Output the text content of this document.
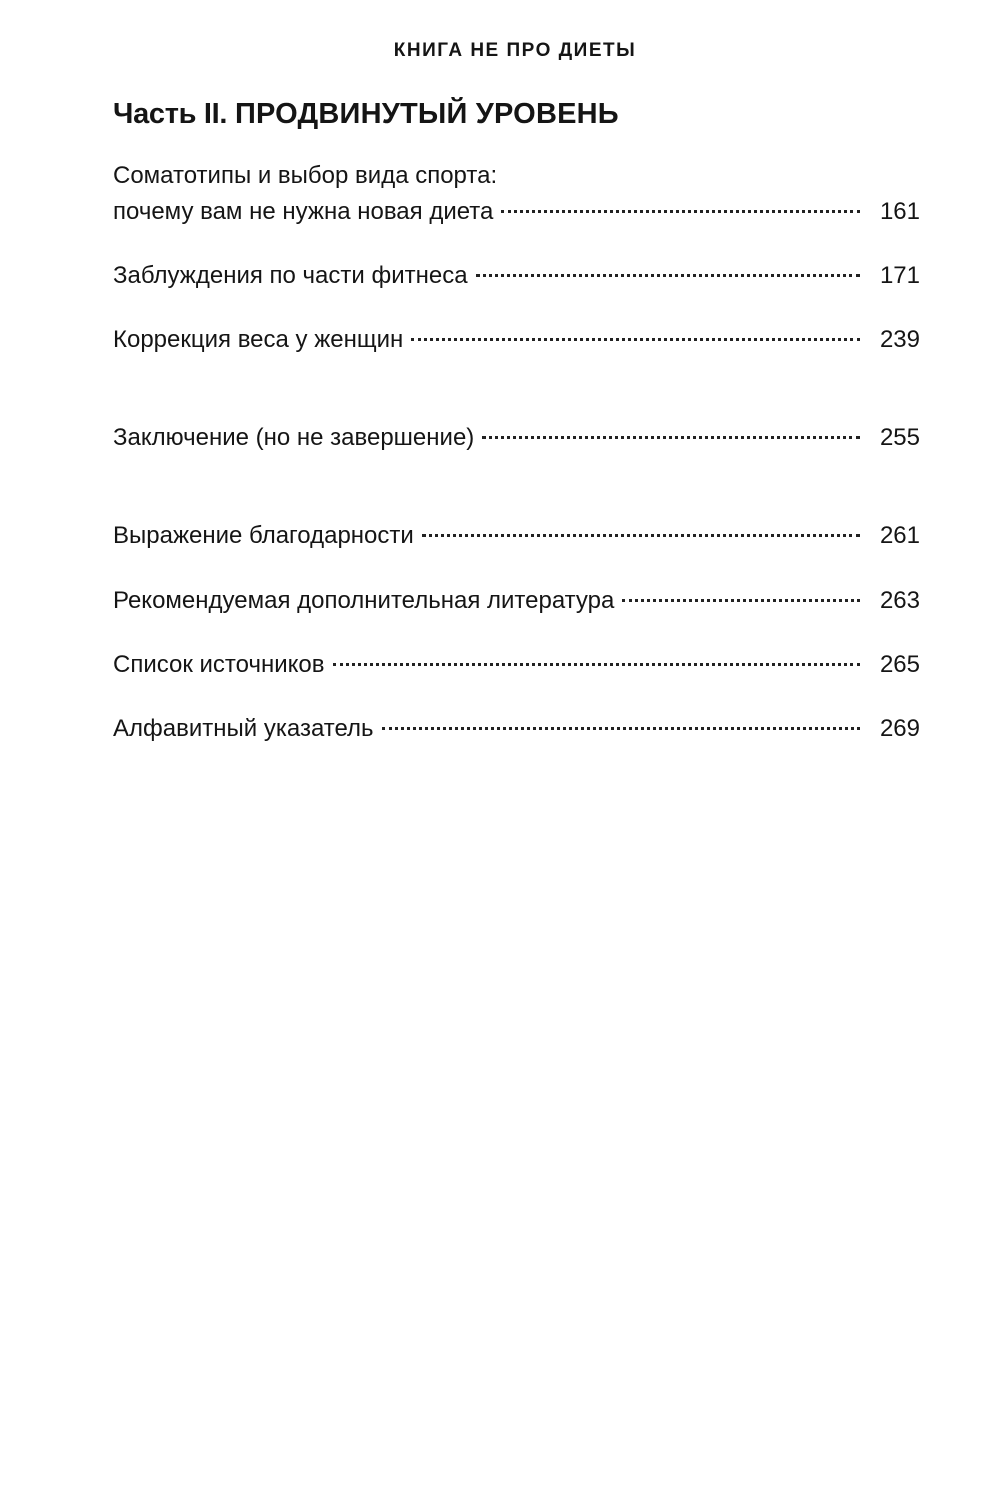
КНИГА НЕ ПРО ДИЕТЫ
Часть II. ПРОДВИНУТЫЙ УРОВЕНЬ
Соматотипы и выбор вида спорта:
почему вам не нужна новая диета	161
Заблуждения по части фитнеса	171
Коррекция веса у женщин	239
Заключение (но не завершение)	255
Выражение благодарности	261
Рекомендуемая дополнительная литература	263
Список источников	265
Алфавитный указатель	269
